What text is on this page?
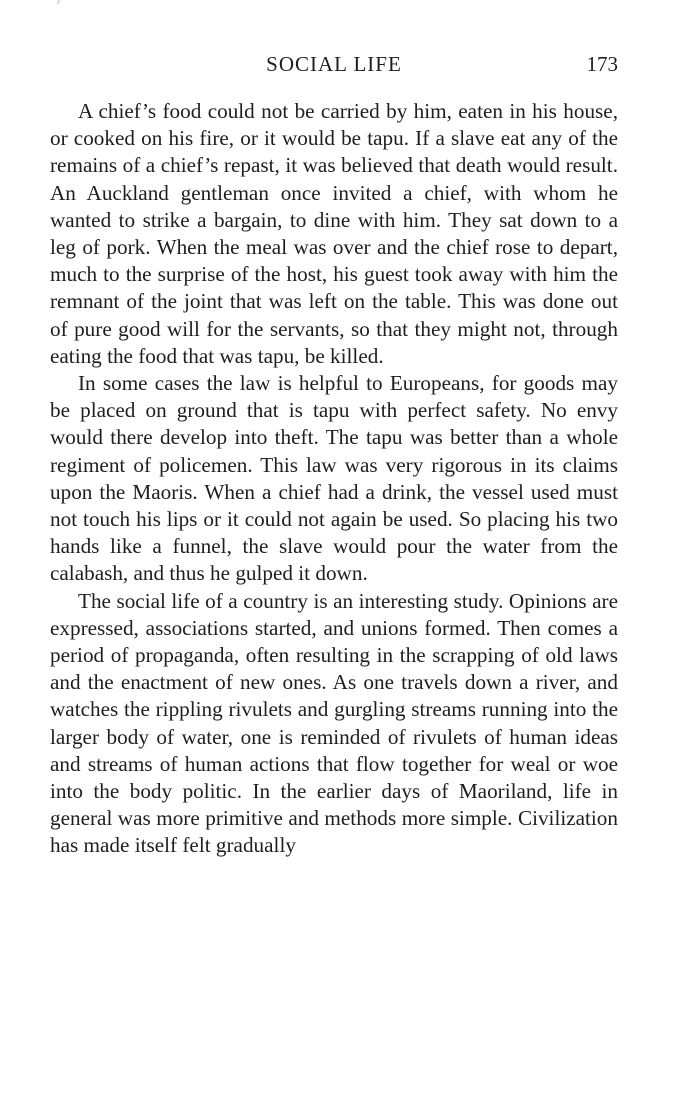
SOCIAL LIFE	173

A chief’s food could not be carried by him, eaten in his house, or cooked on his fire, or it would be tapu. If a slave eat any of the remains of a chief’s repast, it was believed that death would result. An Auckland gentleman once invited a chief, with whom he wanted to strike a bargain, to dine with him. They sat down to a leg of pork. When the meal was over and the chief rose to depart, much to the surprise of the host, his guest took away with him the remnant of the joint that was left on the table. This was done out of pure good will for the servants, so that they might not, through eating the food that was tapu, be killed.

In some cases the law is helpful to Europeans, for goods may be placed on ground that is tapu with perfect safety. No envy would there develop into theft. The tapu was better than a whole regiment of policemen. This law was very rigorous in its claims upon the Maoris. When a chief had a drink, the vessel used must not touch his lips or it could not again be used. So placing his two hands like a funnel, the slave would pour the water from the calabash, and thus he gulped it down.

The social life of a country is an interesting study. Opinions are expressed, associations started, and unions formed. Then comes a period of propaganda, often resulting in the scrapping of old laws and the enactment of new ones. As one travels down a river, and watches the rippling rivulets and gurgling streams running into the larger body of water, one is reminded of rivulets of human ideas and streams of human actions that flow together for weal or woe into the body politic. In the earlier days of Maoriland, life in general was more primitive and methods more simple. Civilization has made itself felt gradually
